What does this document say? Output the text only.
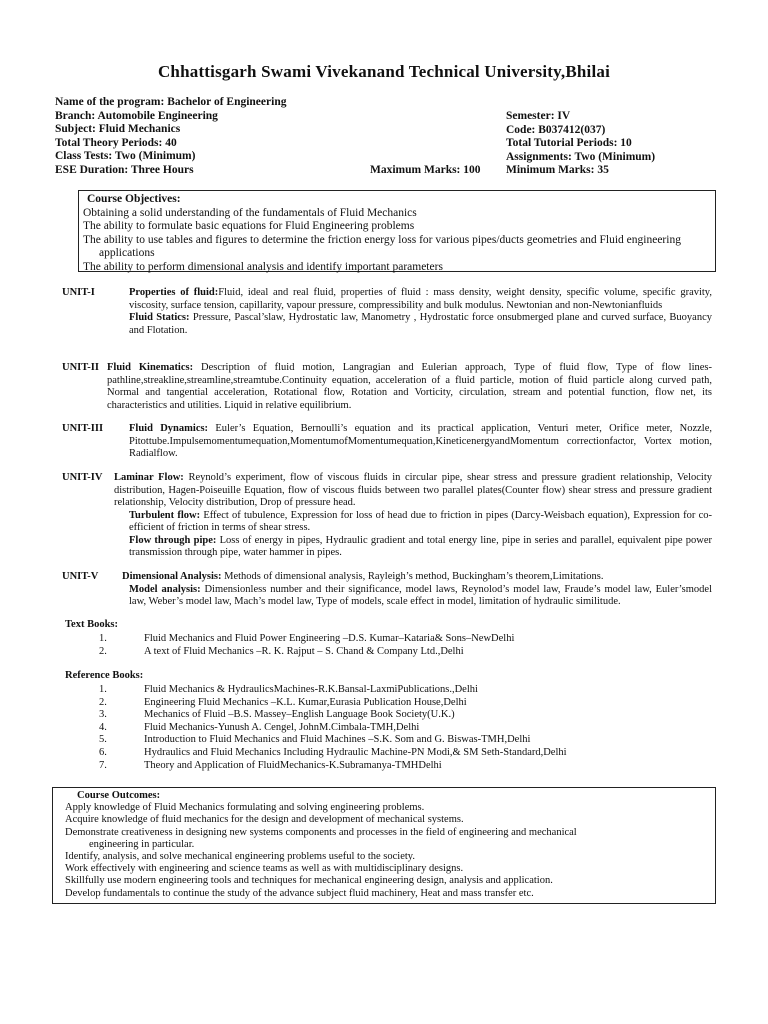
Chhattisgarh Swami Vivekanand Technical University,Bhilai
Name of the program: Bachelor of Engineering
Branch: Automobile Engineering
Subject: Fluid Mechanics
Total Theory Periods: 40
Class Tests: Two (Minimum)
ESE Duration: Three Hours	Maximum Marks: 100
Semester: IV
Code: B037412(037)
Total Tutorial Periods: 10
Assignments: Two (Minimum)
Minimum Marks: 35
Course Objectives:
Obtaining a solid understanding of the fundamentals of Fluid Mechanics
The ability to formulate basic equations for Fluid Engineering problems
The ability to use tables and figures to determine the friction energy loss for various pipes/ducts geometries and Fluid engineering applications
The ability to perform dimensional analysis and identify important parameters
UNIT-I	Properties of fluid:Fluid, ideal and real fluid, properties of fluid : mass density, weight density, specific volume, specific gravity, viscosity, surface tension, capillarity, vapour pressure, compressibility and bulk modulus. Newtonian and non-Newtonianfluids

Fluid Statics: Pressure, Pascal’slaw, Hydrostatic law, Manometry , Hydrostatic force onsubmerged plane and curved surface, Buoyancy and Flotation.

UNIT-II Fluid Kinematics: Description of fluid motion, Langragian and Eulerian approach, Type of fluid flow, Type of flow lines-pathline,streakline,streamline,streamtube.Continuity equation, acceleration of a fluid particle, motion of fluid particle along curved path, Normal and tangential acceleration, Rotational flow, Rotation and Vorticity, circulation, stream and potential function, flow net, its characteristics and utilities. Liquid in relative equilibrium.

UNIT-III Fluid Dynamics: Euler’s Equation, Bernoulli’s equation and its practical application, Venturi meter, Orifice meter, Nozzle, Pitottube.Impulsemomentumequation,MomentumofMomentumequation,KineticenergyandMomentum correctionfactor, Vortex motion, Radialflow.

UNIT-IV Laminar Flow: Reynold’s experiment, flow of viscous fluids in circular pipe, shear stress and pressure gradient relationship, Velocity distribution, Hagen-Poiseuille Equation, flow of viscous fluids between two parallel plates(Counter flow) shear stress and pressure gradient relationship, Velocity distribution, Drop of pressure head.

Turbulent flow: Effect of tubulence, Expression for loss of head due to friction in pipes (Darcy-Weisbach equation), Expression for co-efficient of friction in terms of shear stress.

Flow through pipe: Loss of energy in pipes, Hydraulic gradient and total energy line, pipe in series and parallel, equivalent pipe power transmission through pipe, water hammer in pipes.

UNIT-V Dimensional Analysis: Methods of dimensional analysis, Rayleigh’s method, Buckingham’s theorem,Limitations.

Model analysis: Dimensionless number and their significance, model laws, Reynolod’s model law, Fraude’s model law, Euler’smodel law, Weber’s model law, Mach’s model law, Type of models, scale effect in model, limitation of hydraulic similitude.

Text Books:
1.	Fluid Mechanics and Fluid Power Engineering –D.S. Kumar–Kataria& Sons–NewDelhi
2.	A text of Fluid Mechanics –R. K. Rajput – S. Chand & Company Ltd.,Delhi
Reference Books:
1.	Fluid Mechanics & HydraulicsMachines-R.K.Bansal-LaxmiPublications.,Delhi
2.	Engineering Fluid Mechanics –K.L. Kumar,Eurasia Publication House,Delhi
3.	Mechanics of Fluid –B.S. Massey–English Language Book Society(U.K.)
4.	Fluid Mechanics-Yunush A. Cengel, JohnM.Cimbala-TMH,Delhi
5.	Introduction to Fluid Mechanics and Fluid Machines –S.K. Som and G. Biswas-TMH,Delhi
6.	Hydraulics and Fluid Mechanics Including Hydraulic Machine-PN Modi,& SM Seth-Standard,Delhi
7.	Theory and Application of FluidMechanics-K.Subramanya-TMHDelhi
Course Outcomes:
Apply knowledge of Fluid Mechanics formulating and solving engineering problems.
Acquire knowledge of fluid mechanics for the design and development of mechanical systems.
Demonstrate creativeness in designing new systems components and processes in the field of engineering and mechanical
engineering in particular.
Identify, analysis, and solve mechanical engineering problems useful to the society.
Work effectively with engineering and science teams as well as with multidisciplinary designs.
Skillfully use modern engineering tools and techniques for mechanical engineering design, analysis and application.
Develop fundamentals to continue the study of the advance subject fluid machinery, Heat and mass transfer etc.
